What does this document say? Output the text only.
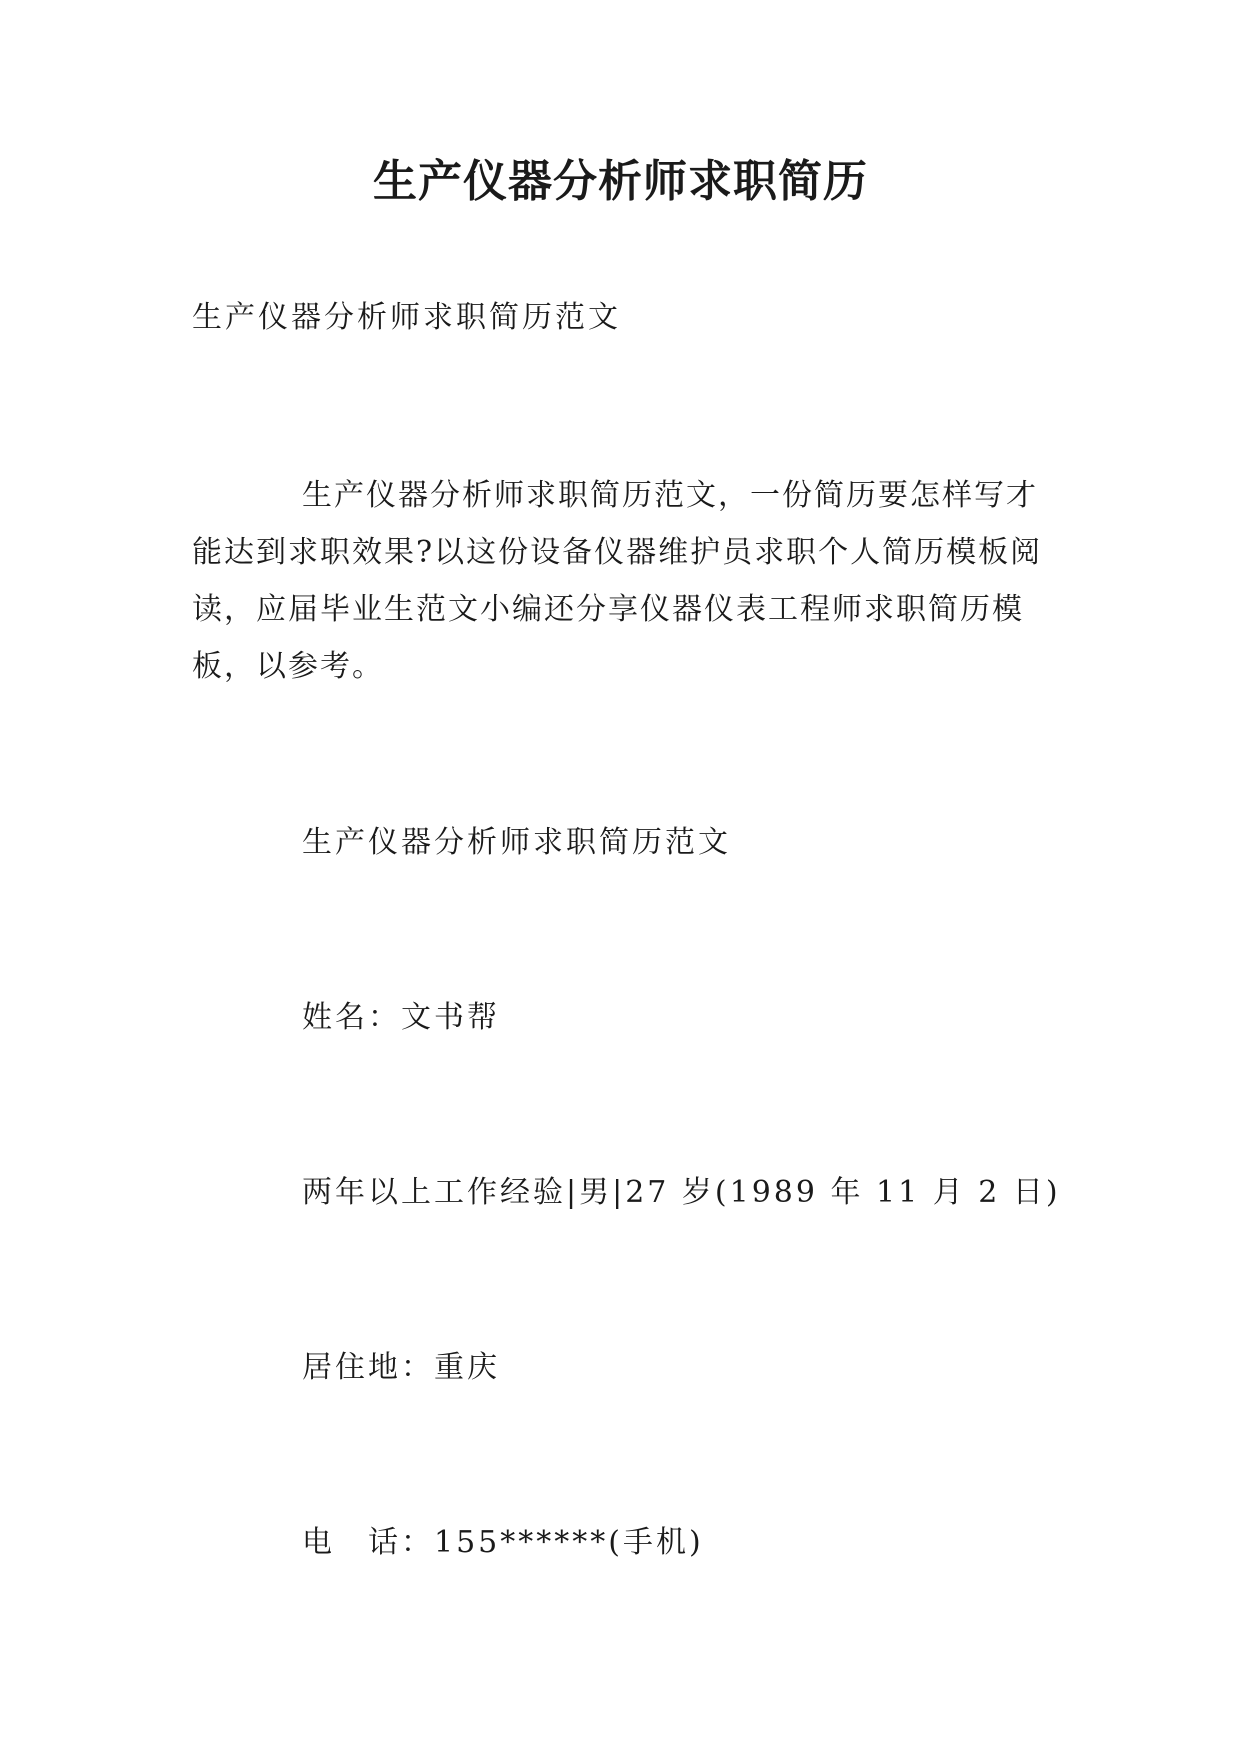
生产仪器分析师求职简历

生产仪器分析师求职简历范文

生产仪器分析师求职简历范文，一份简历要怎样写才能达到求职效果?以这份设备仪器维护员求职个人简历模板阅读，应届毕业生范文小编还分享仪器仪表工程师求职简历模板，以参考。

生产仪器分析师求职简历范文

姓名：文书帮

两年以上工作经验|男|27 岁(1989 年 11 月 2 日)

居住地：重庆

电　话：155******(手机)
